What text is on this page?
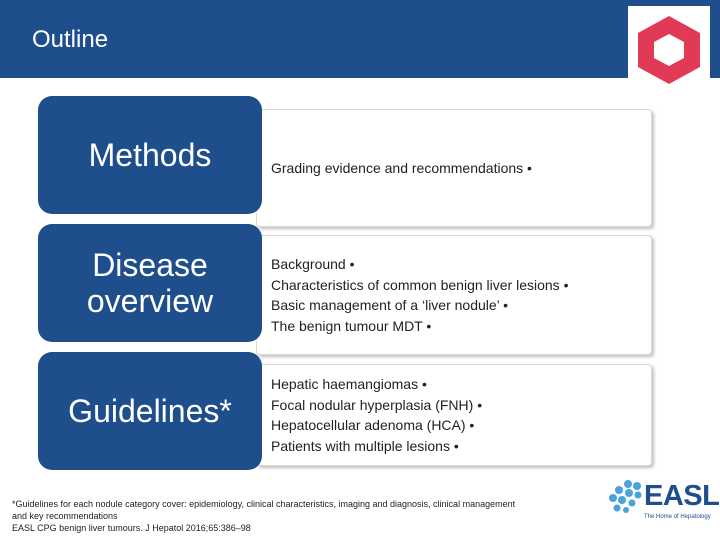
Outline
Grading evidence and recommendations •
Methods
Background •
Characteristics of common benign liver lesions •
Basic management of a ‘liver nodule’ •
The benign tumour MDT •
Disease
overview
Hepatic haemangiomas •
Focal nodular hyperplasia (FNH) •
Hepatocellular adenoma (HCA) •
Patients with multiple lesions •
Guidelines*
*Guidelines for each nodule category cover: epidemiology, clinical characteristics, imaging and diagnosis, clinical management
and key recommendations
EASL CPG benign liver tumours. J Hepatol 2016;65:386–98
EASL
The Home of Hepatology
